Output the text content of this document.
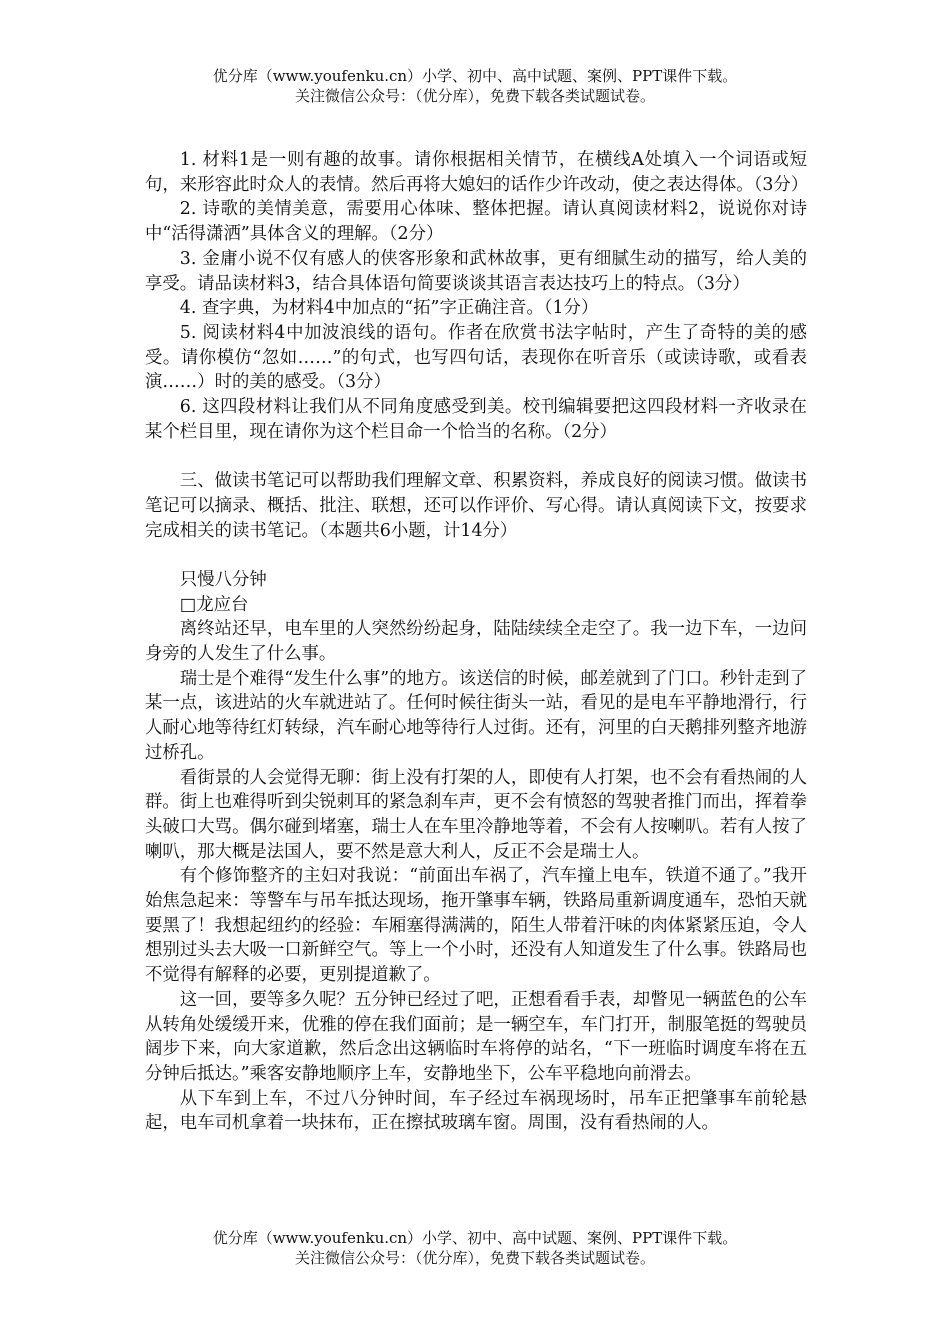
优分库（www.youfenku.cn）小学、初中、高中试题、案例、PPT课件下载。
关注微信公众号：（优分库），免费下载各类试题试卷。

1. 材料1是一则有趣的故事。请你根据相关情节，在横线A处填入一个词语或短句，来形容此时众人的表情。然后再将大媳妇的话作少许改动，使之表达得体。（3分）

2. 诗歌的美情美意，需要用心体味、整体把握。请认真阅读材料2，说说你对诗中“活得潇洒”具体含义的理解。（2分）

3. 金庸小说不仅有感人的侠客形象和武林故事，更有细腻生动的描写，给人美的享受。请品读材料3，结合具体语句简要谈谈其语言表达技巧上的特点。（3分）

4. 查字典，为材料4中加点的“拓”字正确注音。（1分）

5. 阅读材料4中加波浪线的语句。作者在欣赏书法字帖时，产生了奇特的美的感受。请你模仿“忽如……”的句式，也写四句话，表现你在听音乐（或读诗歌，或看表演……）时的美的感受。（3分）

6. 这四段材料让我们从不同角度感受到美。校刊编辑要把这四段材料一齐收录在某个栏目里，现在请你为这个栏目命一个恰当的名称。（2分）

三、做读书笔记可以帮助我们理解文章、积累资料，养成良好的阅读习惯。做读书笔记可以摘录、概括、批注、联想，还可以作评价、写心得。请认真阅读下文，按要求完成相关的读书笔记。（本题共6小题，计14分）

只慢八分钟

□龙应台

离终站还早，电车里的人突然纷纷起身，陆陆续续全走空了。我一边下车，一边问身旁的人发生了什么事。

瑞士是个难得“发生什么事”的地方。该送信的时候，邮差就到了门口。秒针走到了某一点，该进站的火车就进站了。任何时候往街头一站，看见的是电车平静地滑行，行人耐心地等待红灯转绿，汽车耐心地等待行人过街。还有，河里的白天鹅排列整齐地游过桥孔。

看街景的人会觉得无聊：街上没有打架的人，即使有人打架，也不会有看热闹的人群。街上也难得听到尖锐刺耳的紧急刹车声，更不会有愤怒的驾驶者推门而出，挥着拳头破口大骂。偶尔碰到堵塞，瑞士人在车里冷静地等着，不会有人按喇叭。若有人按了喇叭，那大概是法国人，要不然是意大利人，反正不会是瑞士人。

有个修饰整齐的主妇对我说：“前面出车祸了，汽车撞上电车，铁道不通了。”我开始焦急起来：等警车与吊车抵达现场，拖开肇事车辆，铁路局重新调度通车，恐怕天就要黑了！我想起纽约的经验：车厢塞得满满的，陌生人带着汗味的肉体紧紧压迫，令人想别过头去大吸一口新鲜空气。等上一个小时，还没有人知道发生了什么事。铁路局也不觉得有解释的必要，更别提道歉了。

这一回，要等多久呢？五分钟已经过了吧，正想看看手表，却瞥见一辆蓝色的公车从转角处缓缓开来，优雅的停在我们面前；是一辆空车，车门打开，制服笔挺的驾驶员阔步下来，向大家道歉，然后念出这辆临时车将停的站名，“下一班临时调度车将在五分钟后抵达。”乘客安静地顺序上车，安静地坐下，公车平稳地向前滑去。

从下车到上车，不过八分钟时间，车子经过车祸现场时，吊车正把肇事车前轮悬起，电车司机拿着一块抹布，正在擦拭玻璃车窗。周围，没有看热闹的人。

优分库（www.youfenku.cn）小学、初中、高中试题、案例、PPT课件下载。
关注微信公众号：（优分库），免费下载各类试题试卷。
